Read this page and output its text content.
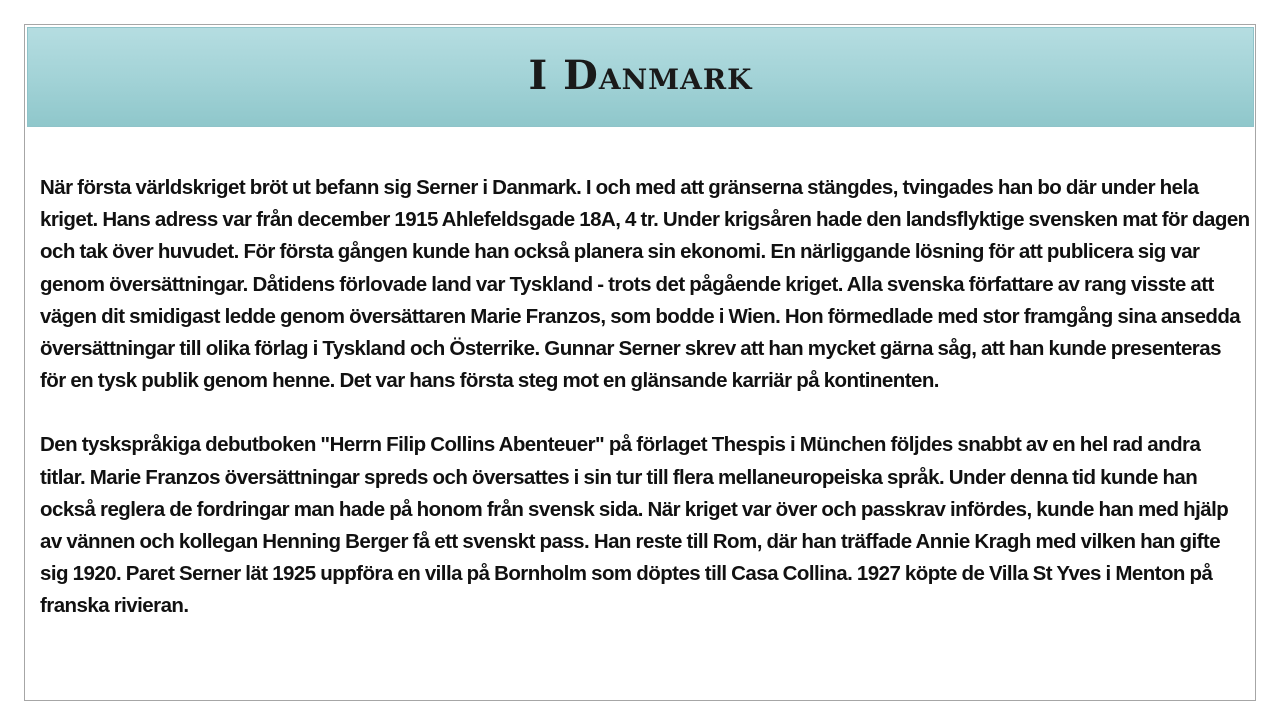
I Danmark

När första världskriget bröt ut befann sig Serner i Danmark. I och med att gränserna stängdes, tvingades han bo där under hela kriget. Hans adress var från december 1915 Ahlefeldsgade 18A, 4 tr. Under krigsåren hade den landsflyktige svensken mat för dagen och tak över huvudet. För första gången kunde han också planera sin ekonomi. En närliggande lösning för att publicera sig var genom översättningar. Dåtidens förlovade land var Tyskland - trots det pågående kriget. Alla svenska författare av rang visste att vägen dit smidigast ledde genom översättaren Marie Franzos, som bodde i Wien. Hon förmedlade med stor framgång sina ansedda översättningar till olika förlag i Tyskland och Österrike. Gunnar Serner skrev att han mycket gärna såg, att han kunde presenteras för en tysk publik genom henne. Det var hans första steg mot en glänsande karriär på kontinenten.

Den tyskspråkiga debutboken "Herrn Filip Collins Abenteuer" på förlaget Thespis i München följdes snabbt av en hel rad andra titlar. Marie Franzos översättningar spreds och översattes i sin tur till flera mellaneuropeiska språk. Under denna tid kunde han också reglera de fordringar man hade på honom från svensk sida. När kriget var över och passkrav infördes, kunde han med hjälp av vännen och kollegan Henning Berger få ett svenskt pass. Han reste till Rom, där han träffade Annie Kragh med vilken han gifte sig 1920. Paret Serner lät 1925 uppföra en villa på Bornholm som döptes till Casa Collina. 1927 köpte de Villa St Yves i Menton på franska rivieran.
